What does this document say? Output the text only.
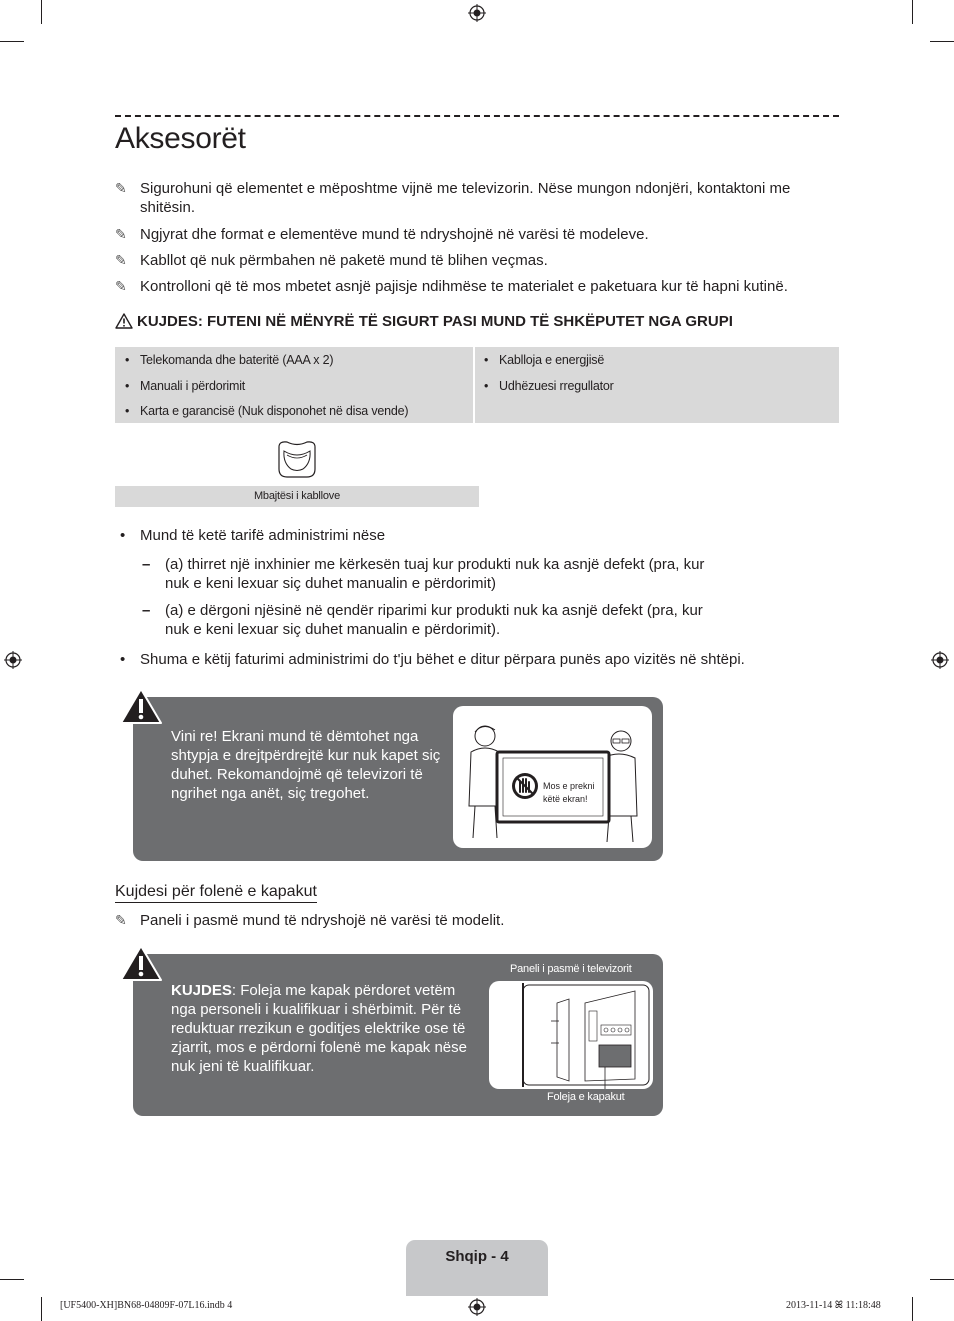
Aksesorët
✎ Sigurohuni që elementet e mëposhtme vijnë me televizorin. Nëse mungon ndonjëri, kontaktoni me shitësin.
✎ Ngjyrat dhe format e elementëve mund të ndryshojnë në varësi të modeleve.
✎ Kabllot që nuk përmbahen në paketë mund të blihen veçmas.
✎ Kontrolloni që të mos mbetet asnjë pajisje ndihmëse te materialet e paketuara kur të hapni kutinë.
KUJDES: FUTENI NË MËNYRË TË SIGURT PASI MUND TË SHKËPUTET NGA GRUPI
• Telekomanda dhe bateritë (AAA x 2)
• Manuali i përdorimit
• Karta e garancisë (Nuk disponohet në disa vende)
• Kablloja e energjisë
• Udhëzuesi rregullator
Mbajtësi i kabllove
• Mund të ketë tarifë administrimi nëse
– (a) thirret një inxhinier me kërkesën tuaj kur produkti nuk ka asnjë defekt (pra, kur nuk e keni lexuar siç duhet manualin e përdorimit)
– (a) e dërgoni njësinë në qendër riparimi kur produkti nuk ka asnjë defekt (pra, kur nuk e keni lexuar siç duhet manualin e përdorimit).
• Shuma e këtij faturimi administrimi do t'ju bëhet e ditur përpara punës apo vizitës në shtëpi.
Vini re! Ekrani mund të dëmtohet nga shtypja e drejtpërdrejtë kur nuk kapet siç duhet. Rekomandojmë që televizori të ngrihet nga anët, siç tregohet.	Mos e prekni
këtë ekran!
Kujdesi për folenë e kapakut
✎ Paneli i pasmë mund të ndryshojë në varësi të modelit.
KUJDES: Foleja me kapak përdoret vetëm nga personeli i kualifikuar i shërbimit. Për të reduktuar rrezikun e goditjes elektrike ose të zjarrit, mos e përdorni folenë me kapak nëse nuk jeni të kualifikuar.
Paneli i pasmë i televizorit
Foleja e kapakut
Shqip - 4
[UF5400-XH]BN68-04809F-07L16.indb 4	2013-11-14 ꕤ 11:18:48
